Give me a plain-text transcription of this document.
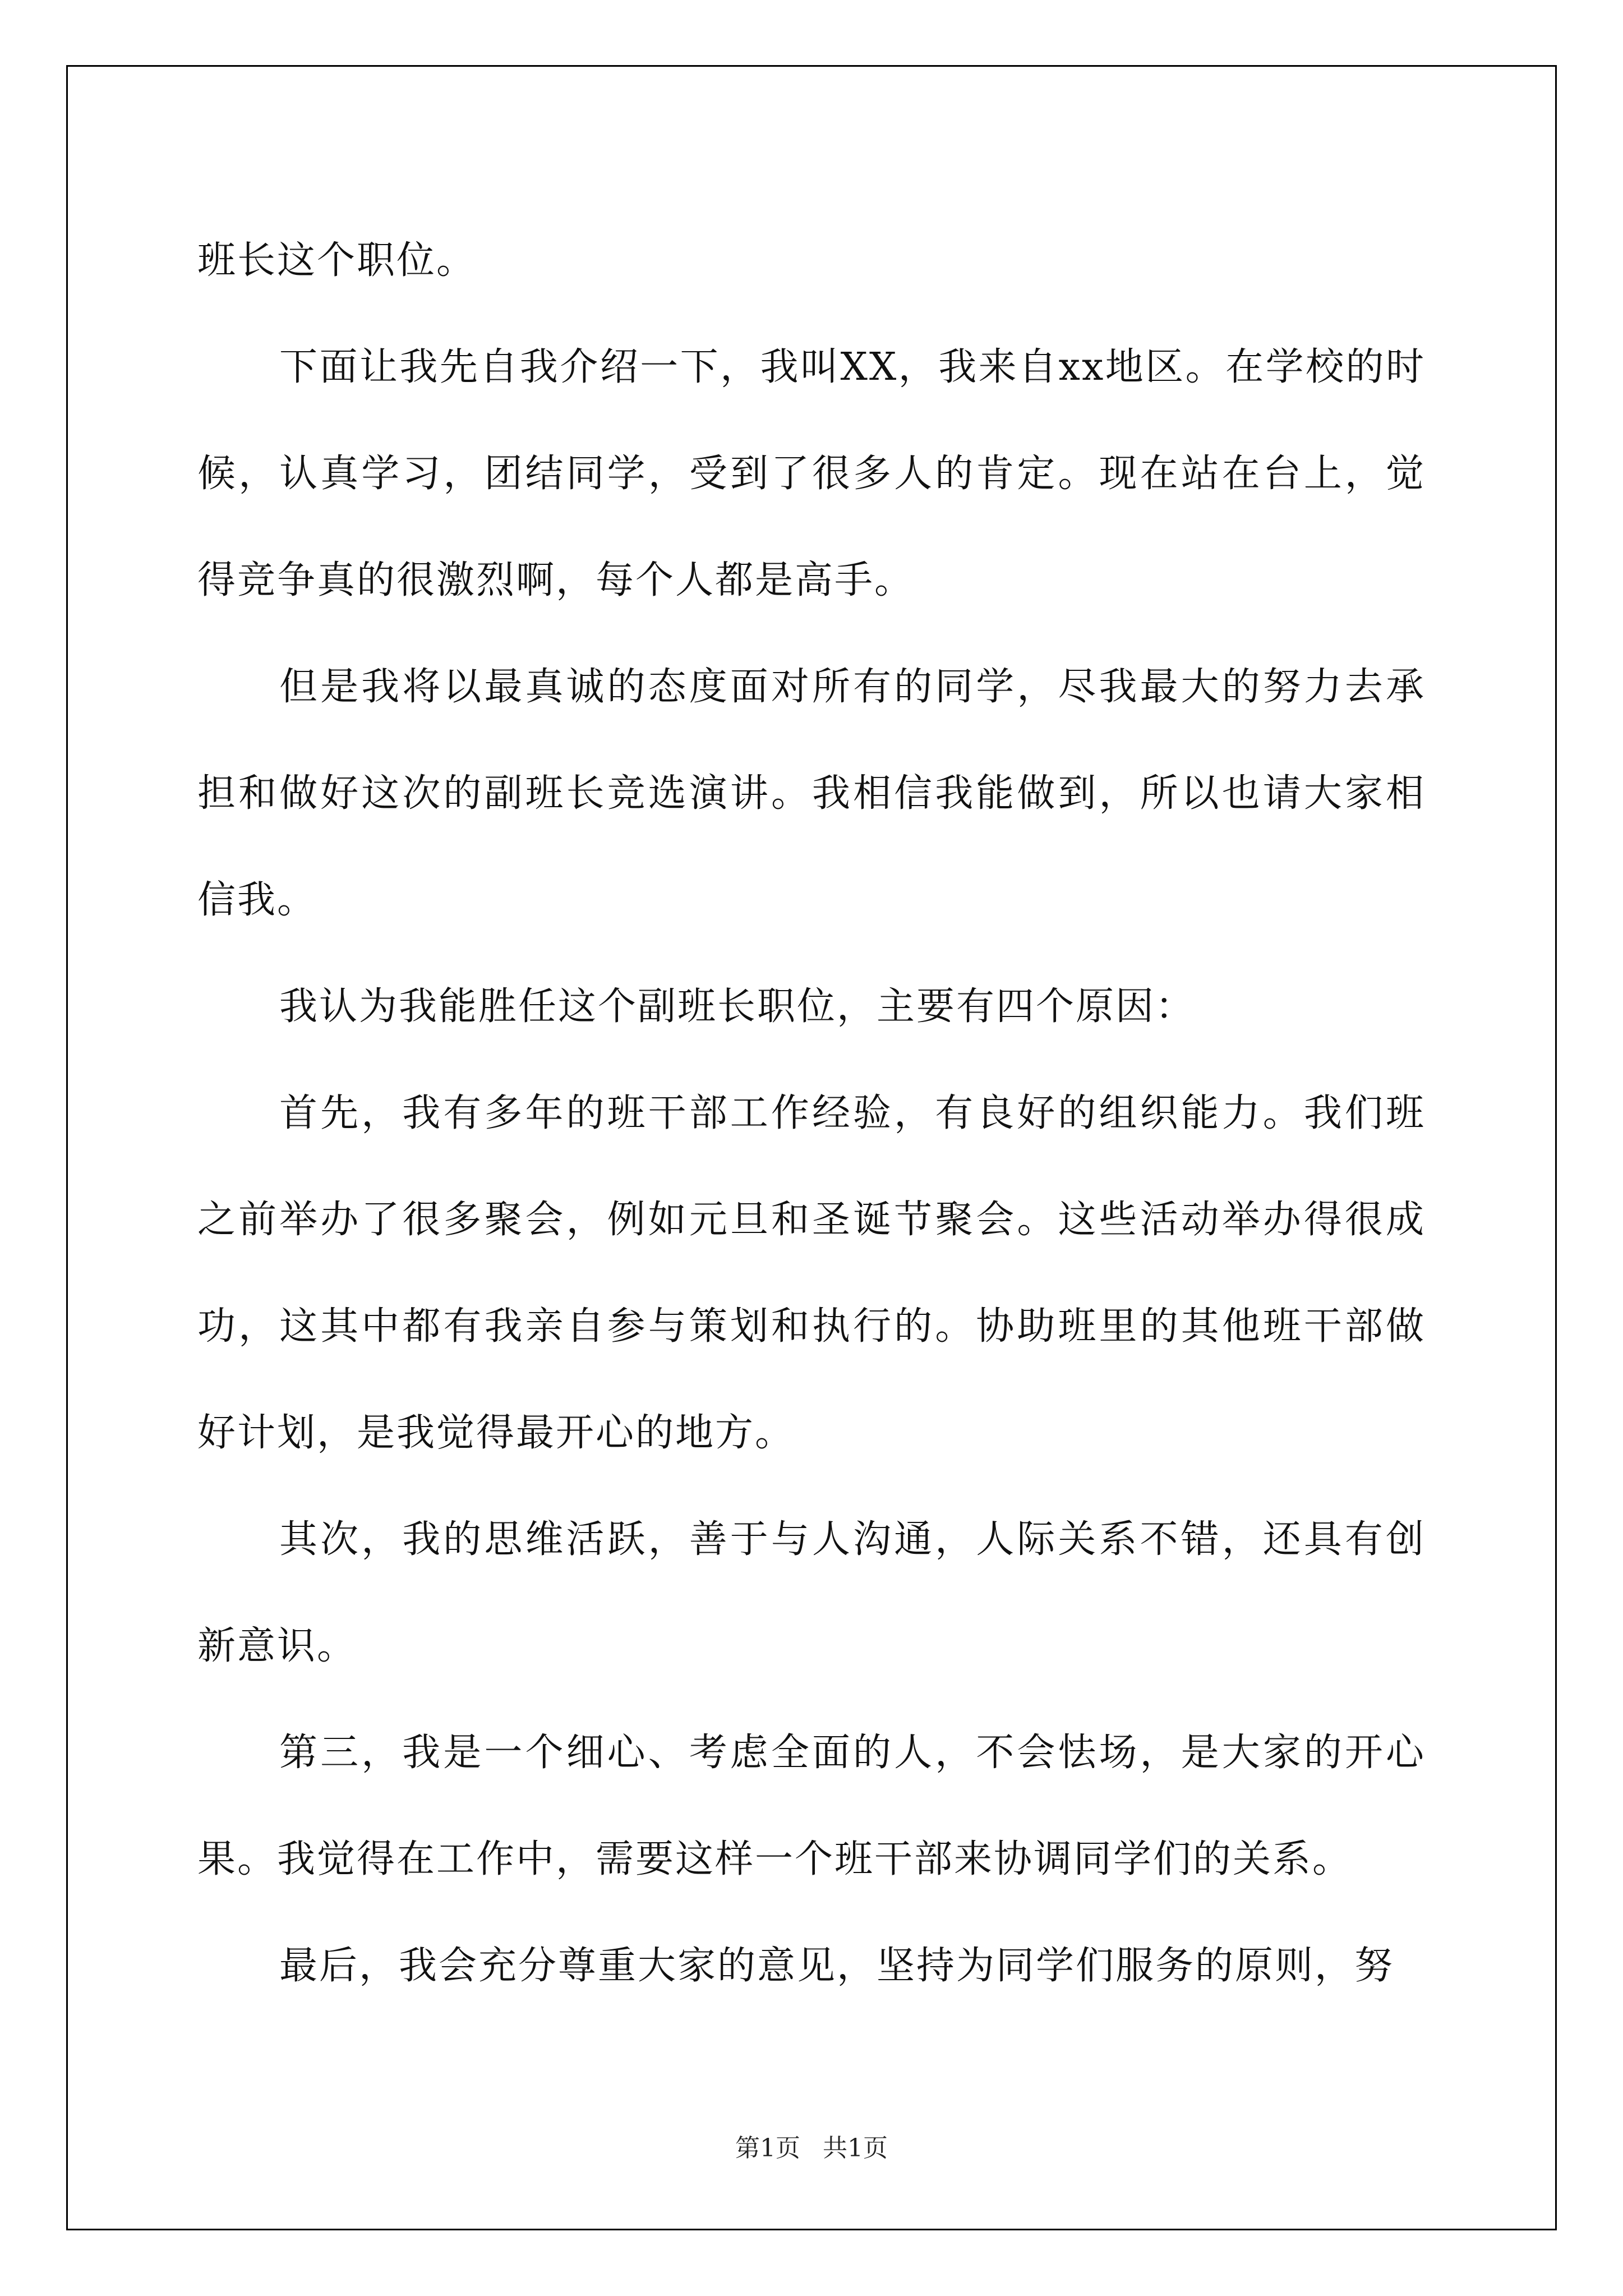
班长这个职位。

下面让我先自我介绍一下，我叫XX，我来自xx地区。在学校的时候，认真学习，团结同学，受到了很多人的肯定。现在站在台上，觉得竞争真的很激烈啊，每个人都是高手。

但是我将以最真诚的态度面对所有的同学，尽我最大的努力去承担和做好这次的副班长竞选演讲。我相信我能做到，所以也请大家相信我。

我认为我能胜任这个副班长职位，主要有四个原因：

首先，我有多年的班干部工作经验，有良好的组织能力。我们班之前举办了很多聚会，例如元旦和圣诞节聚会。这些活动举办得很成功，这其中都有我亲自参与策划和执行的。协助班里的其他班干部做好计划，是我觉得最开心的地方。

其次，我的思维活跃，善于与人沟通，人际关系不错，还具有创新意识。

第三，我是一个细心、考虑全面的人，不会怯场，是大家的开心果。我觉得在工作中，需要这样一个班干部来协调同学们的关系。

最后，我会充分尊重大家的意见，坚持为同学们服务的原则，努

第1页 共1页
